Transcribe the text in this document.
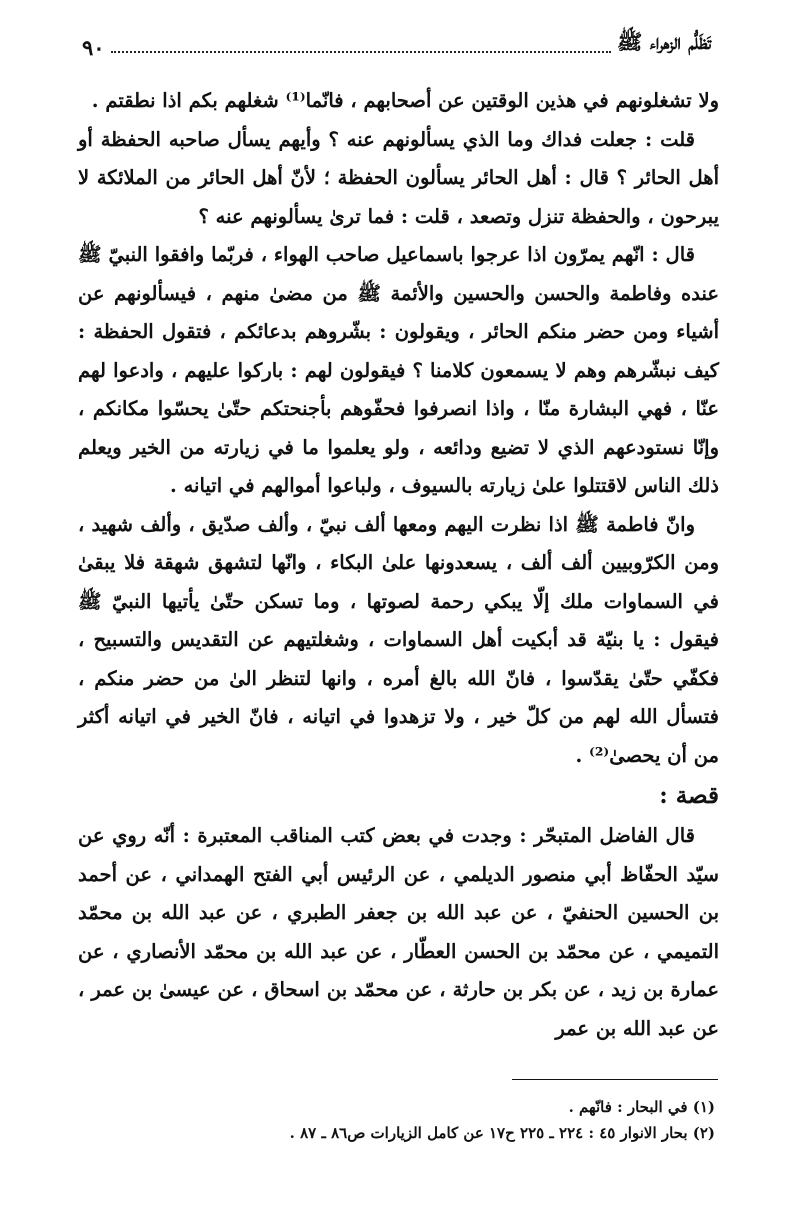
تَظَلُّم الزهراء ﷺ
٩٠

ولا تشغلونهم في هذين الوقتين عن أصحابهم ، فانّما⁽¹⁾ شغلهم بكم اذا نطقتم .

قلت : جعلت فداك وما الذي يسألونهم عنه ؟ وأيهم يسأل صاحبه الحفظة أو أهل الحائر ؟ قال : أهل الحائر يسألون الحفظة ؛ لأنّ أهل الحائر من الملائكة لا يبرحون ، والحفظة تنزل وتصعد ، قلت : فما ترىٰ يسألونهم عنه ؟

قال : انّهم يمرّون اذا عرجوا باسماعيل صاحب الهواء ، فربّما وافقوا النبيّ ﷺ عنده وفاطمة والحسن والحسين والأئمة ﷺ من مضىٰ منهم ، فيسألونهم عن أشياء ومن حضر منكم الحائر ، ويقولون : بشّروهم بدعائكم ، فتقول الحفظة : كيف نبشّرهم وهم لا يسمعون كلامنا ؟ فيقولون لهم : باركوا عليهم ، وادعوا لهم عنّا ، فهي البشارة منّا ، واذا انصرفوا فحفّوهم بأجنحتكم حتّىٰ يحسّوا مكانكم ، وإنّا نستودعهم الذي لا تضيع ودائعه ، ولو يعلموا ما في زيارته من الخير ويعلم ذلك الناس لاقتتلوا علىٰ زيارته بالسيوف ، ولباعوا أموالهم في اتيانه .

وانّ فاطمة ﷺ اذا نظرت اليهم ومعها ألف نبيّ ، وألف صدّيق ، وألف شهيد ، ومن الكرّوبيين ألف ألف ، يسعدونها علىٰ البكاء ، وانّها لتشهق شهقة فلا يبقىٰ في السماوات ملك إلّا يبكي رحمة لصوتها ، وما تسكن حتّىٰ يأتيها النبيّ ﷺ فيقول : يا بنيّة قد أبكيت أهل السماوات ، وشغلتيهم عن التقديس والتسبيح ، فكفّي حتّىٰ يقدّسوا ، فانّ الله بالغ أمره ، وانها لتنظر الىٰ من حضر منكم ، فتسأل الله لهم من كلّ خير ، ولا تزهدوا في اتيانه ، فانّ الخير في اتيانه أكثر من أن يحصىٰ⁽²⁾ .

قصة :

قال الفاضل المتبحّر : وجدت في بعض كتب المناقب المعتبرة : أنّه روي عن سيّد الحفّاظ أبي منصور الديلمي ، عن الرئيس أبي الفتح الهمداني ، عن أحمد بن الحسين الحنفيّ ، عن عبد الله بن جعفر الطبري ، عن عبد الله بن محمّد التميمي ، عن محمّد بن الحسن العطّار ، عن عبد الله بن محمّد الأنصاري ، عن عمارة بن زيد ، عن بكر بن حارثة ، عن محمّد بن اسحاق ، عن عيسىٰ بن عمر ، عن عبد الله بن عمر

(١) في البحار : فانّهم .

(٢) بحار الانوار ٤٥ : ٢٢٤ ـ ٢٢٥ ح١٧ عن كامل الزيارات ص٨٦ ـ ٨٧ .
